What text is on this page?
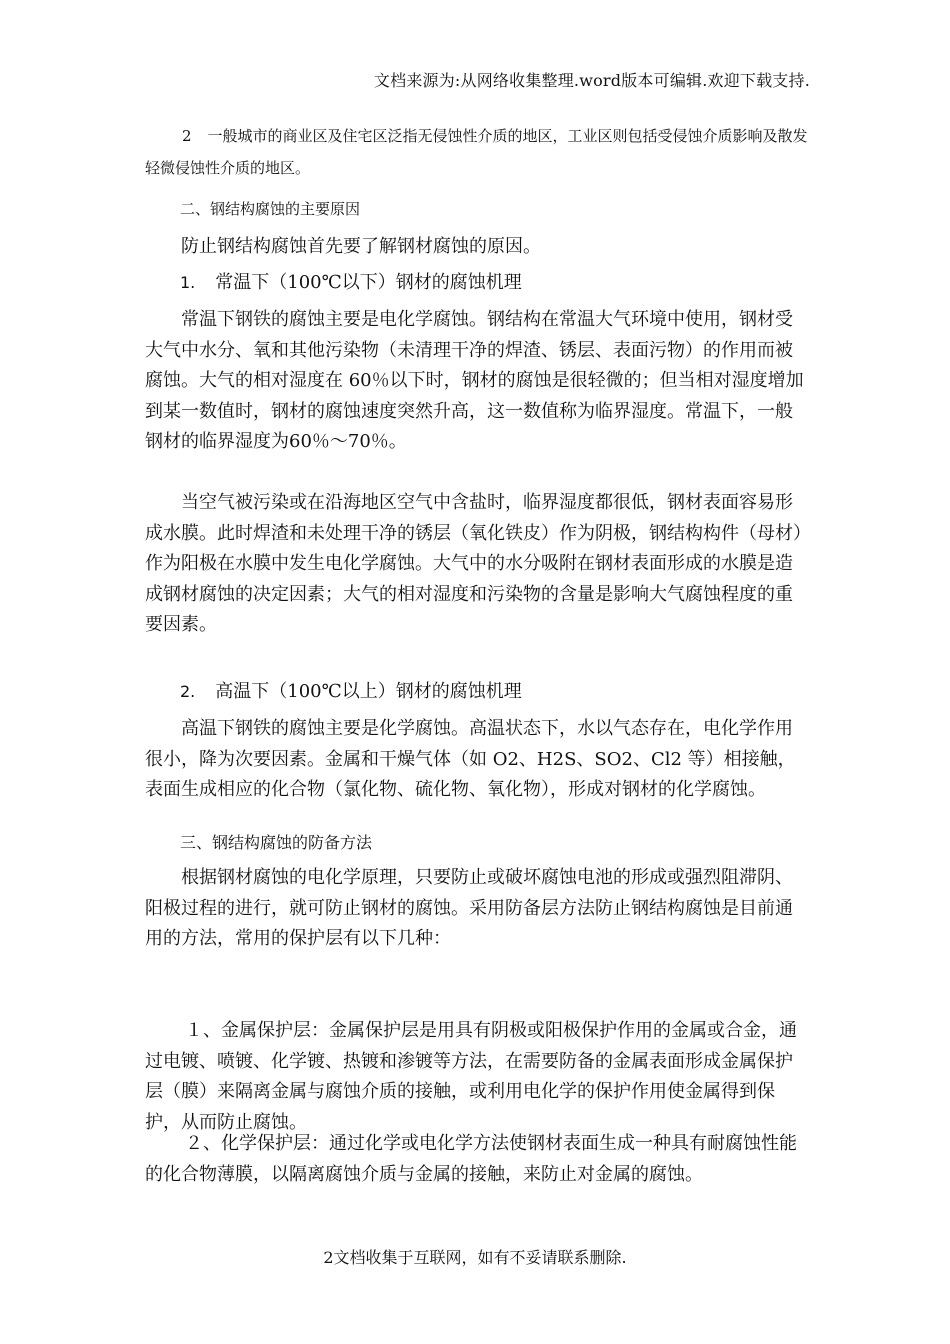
文档来源为:从网络收集整理.word版本可编辑.欢迎下载支持.
2 一般城市的商业区及住宅区泛指无侵蚀性介质的地区，工业区则包括受侵蚀介质影响及散发轻微侵蚀性介质的地区。
二、钢结构腐蚀的主要原因
防止钢结构腐蚀首先要了解钢材腐蚀的原因。
1. 常温下（100℃以下）钢材的腐蚀机理
常温下钢铁的腐蚀主要是电化学腐蚀。钢结构在常温大气环境中使用，钢材受大气中水分、氧和其他污染物（未清理干净的焊渣、锈层、表面污物）的作用而被腐蚀。大气的相对湿度在 60％以下时，钢材的腐蚀是很轻微的；但当相对湿度增加到某一数值时，钢材的腐蚀速度突然升高，这一数值称为临界湿度。常温下，一般钢材的临界湿度为60％～70％。
当空气被污染或在沿海地区空气中含盐时，临界湿度都很低，钢材表面容易形成水膜。此时焊渣和未处理干净的锈层（氧化铁皮）作为阴极，钢结构构件（母材）作为阳极在水膜中发生电化学腐蚀。大气中的水分吸附在钢材表面形成的水膜是造成钢材腐蚀的决定因素；大气的相对湿度和污染物的含量是影响大气腐蚀程度的重要因素。
2. 高温下（100℃以上）钢材的腐蚀机理
高温下钢铁的腐蚀主要是化学腐蚀。高温状态下，水以气态存在，电化学作用很小，降为次要因素。金属和干燥气体（如 O2、H2S、SO2、Cl2 等）相接触，表面生成相应的化合物（氯化物、硫化物、氧化物），形成对钢材的化学腐蚀。
三、钢结构腐蚀的防备方法
根据钢材腐蚀的电化学原理，只要防止或破坏腐蚀电池的形成或强烈阻滞阴、阳极过程的进行，就可防止钢材的腐蚀。采用防备层方法防止钢结构腐蚀是目前通用的方法，常用的保护层有以下几种：
１、金属保护层：金属保护层是用具有阴极或阳极保护作用的金属或合金，通过电镀、喷镀、化学镀、热镀和渗镀等方法，在需要防备的金属表面形成金属保护层（膜）来隔离金属与腐蚀介质的接触，或利用电化学的保护作用使金属得到保护，从而防止腐蚀。
２、化学保护层：通过化学或电化学方法使钢材表面生成一种具有耐腐蚀性能的化合物薄膜，以隔离腐蚀介质与金属的接触，来防止对金属的腐蚀。
2文档收集于互联网，如有不妥请联系删除.
